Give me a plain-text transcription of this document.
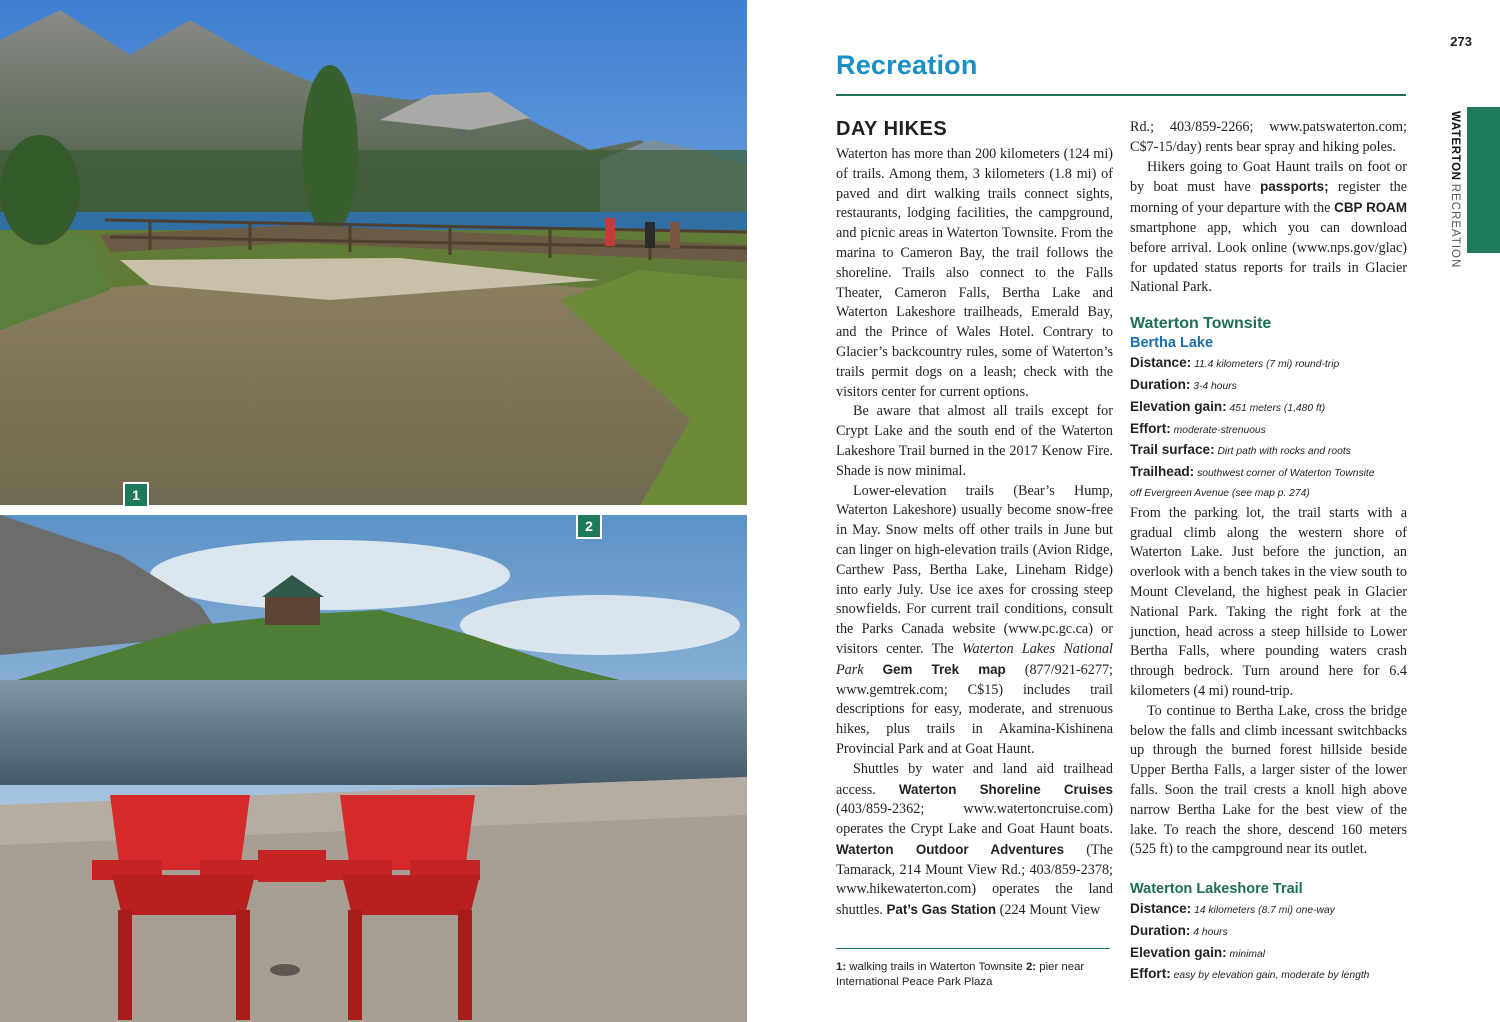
1
2
273
Recreation
WATERTON RECREATION
DAY HIKES

Waterton has more than 200 kilometers (124 mi) of trails. Among them, 3 kilometers (1.8 mi) of paved and dirt walking trails connect sights, restaurants, lodging facilities, the campground, and picnic areas in Waterton Townsite. From the marina to Cameron Bay, the trail follows the shoreline. Trails also connect to the Falls Theater, Cameron Falls, Bertha Lake and Waterton Lakeshore trailheads, Emerald Bay, and the Prince of Wales Hotel. Contrary to Glacier’s backcountry rules, some of Waterton’s trails permit dogs on a leash; check with the visitors center for current options.

Be aware that almost all trails except for Crypt Lake and the south end of the Waterton Lakeshore Trail burned in the 2017 Kenow Fire. Shade is now minimal.

Lower-elevation trails (Bear’s Hump, Waterton Lakeshore) usually become snow-free in May. Snow melts off other trails in June but can linger on high-elevation trails (Avion Ridge, Carthew Pass, Bertha Lake, Lineham Ridge) into early July. Use ice axes for crossing steep snowfields. For current trail conditions, consult the Parks Canada website (www.pc.gc.ca) or visitors center. The Waterton Lakes National Park Gem Trek map (877/921-6277; www.gemtrek.com; C$15) includes trail descriptions for easy, moderate, and strenuous hikes, plus trails in Akamina-Kishinena Provincial Park and at Goat Haunt.

Shuttles by water and land aid trailhead access. Waterton Shoreline Cruises (403/859-2362; www.watertoncruise.com) operates the Crypt Lake and Goat Haunt boats. Waterton Outdoor Adventures (The Tamarack, 214 Mount View Rd.; 403/859-2378; www.hikewaterton.com) operates the land shuttles. Pat’s Gas Station (224 Mount View

1: walking trails in Waterton Townsite 2: pier near International Peace Park Plaza

Rd.; 403/859-2266; www.patswaterton.com; C$7-15/day) rents bear spray and hiking poles.

Hikers going to Goat Haunt trails on foot or by boat must have passports; register the morning of your departure with the CBP ROAM smartphone app, which you can download before arrival. Look online (www.nps.gov/glac) for updated status reports for trails in Glacier National Park.

Waterton Townsite

Bertha Lake

Distance: 11.4 kilometers (7 mi) round-trip

Duration: 3-4 hours

Elevation gain: 451 meters (1,480 ft)

Effort: moderate-strenuous

Trail surface: Dirt path with rocks and roots

Trailhead: southwest corner of Waterton Townsite

off Evergreen Avenue (see map p. 274)

From the parking lot, the trail starts with a gradual climb along the western shore of Waterton Lake. Just before the junction, an overlook with a bench takes in the view south to Mount Cleveland, the highest peak in Glacier National Park. Taking the right fork at the junction, head across a steep hillside to Lower Bertha Falls, where pounding waters crash through bedrock. Turn around here for 6.4 kilometers (4 mi) round-trip.

To continue to Bertha Lake, cross the bridge below the falls and climb incessant switchbacks up through the burned forest hillside beside Upper Bertha Falls, a larger sister of the lower falls. Soon the trail crests a knoll high above narrow Bertha Lake for the best view of the lake. To reach the shore, descend 160 meters (525 ft) to the campground near its outlet.

Waterton Lakeshore Trail

Distance: 14 kilometers (8.7 mi) one-way

Duration: 4 hours

Elevation gain: minimal

Effort: easy by elevation gain, moderate by length
